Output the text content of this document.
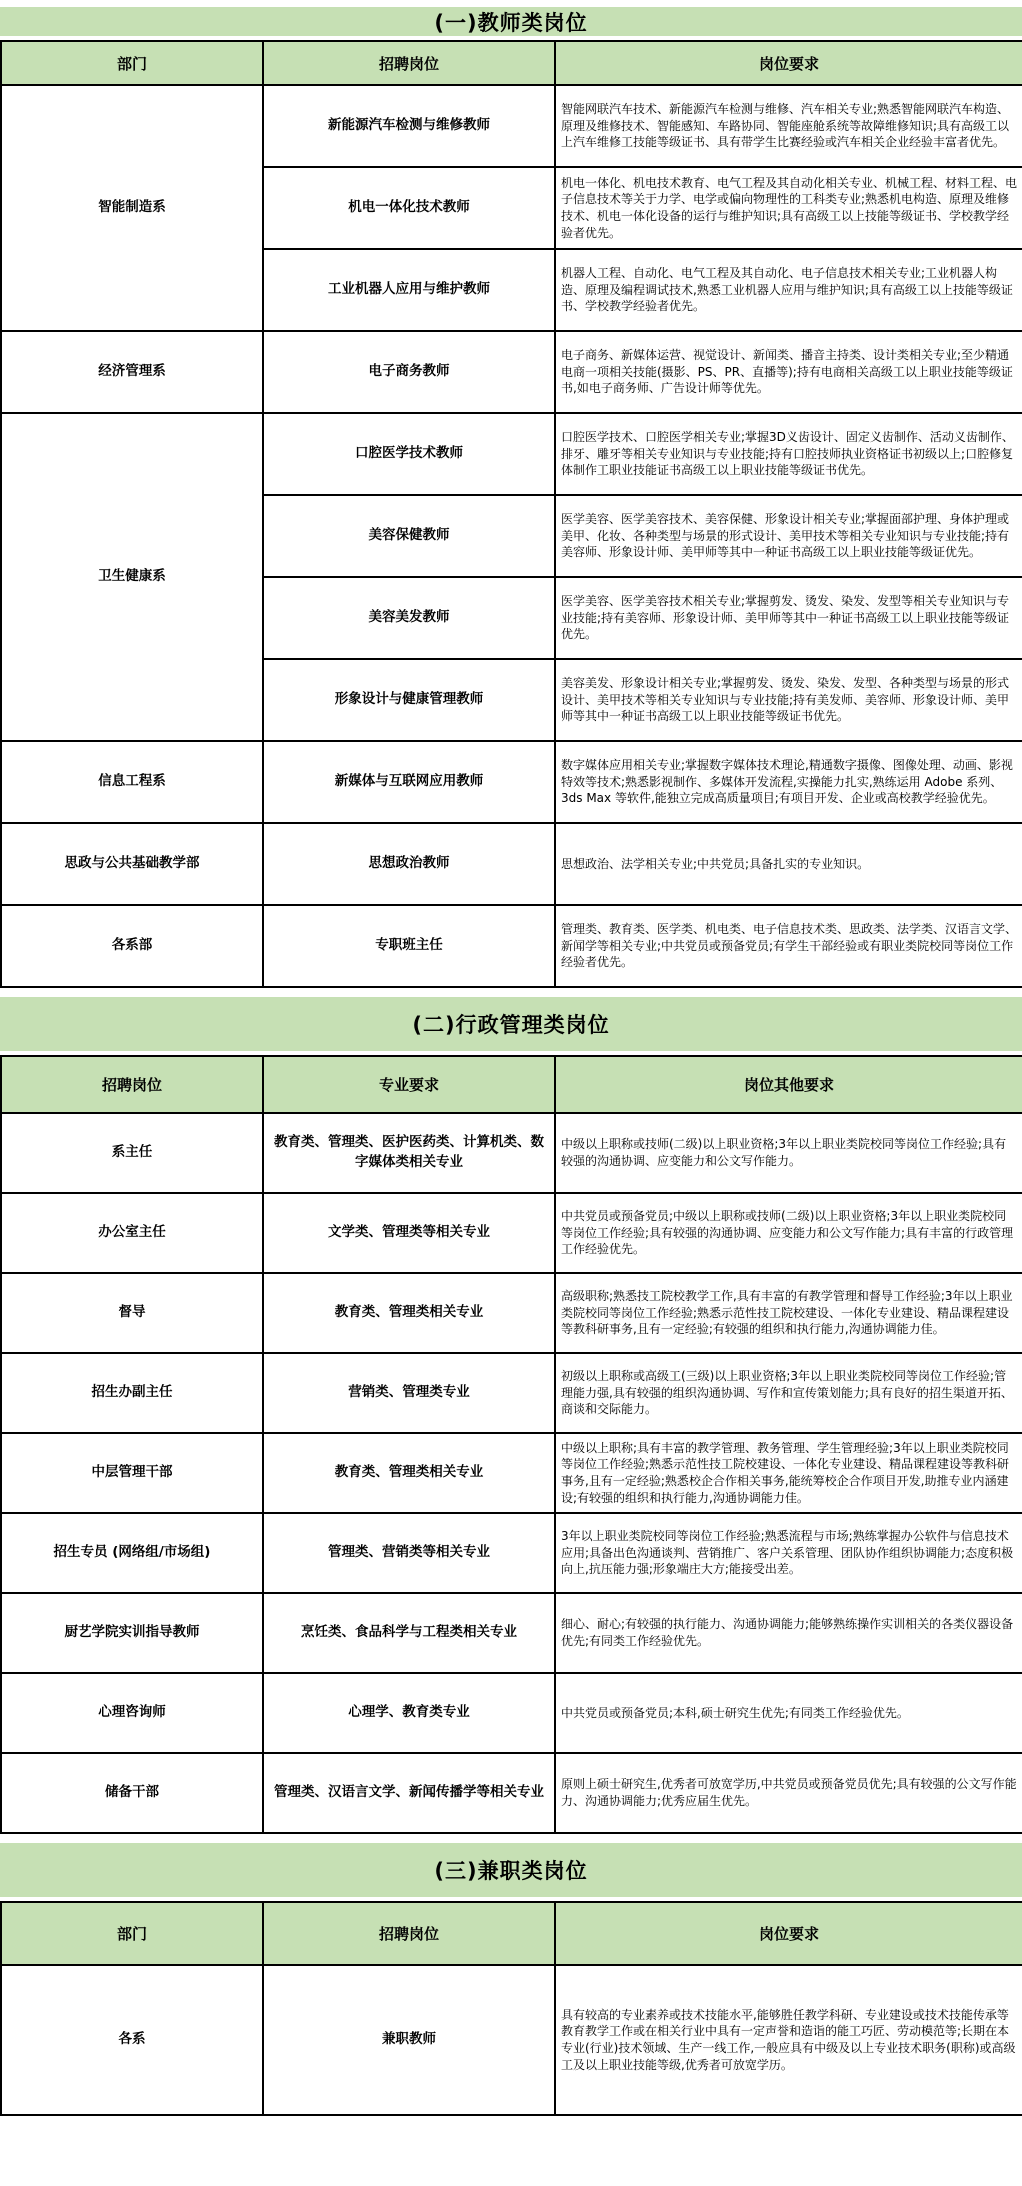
(一)教师类岗位
部门	招聘岗位	岗位要求
智能制造系	新能源汽车检测与维修教师	智能网联汽车技术、新能源汽车检测与维修、汽车相关专业;熟悉智能网联汽车构造、原理及维修技术、智能感知、车路协同、智能座舱系统等故障维修知识;具有高级工以上汽车维修工技能等级证书、具有带学生比赛经验或汽车相关企业经验丰富者优先。
	机电一体化技术教师	机电一体化、机电技术教育、电气工程及其自动化相关专业、机械工程、材料工程、电子信息技术等关于力学、电学或偏向物理性的工科类专业;熟悉机电构造、原理及维修技术、机电一体化设备的运行与维护知识;具有高级工以上技能等级证书、学校教学经验者优先。
	工业机器人应用与维护教师	机器人工程、自动化、电气工程及其自动化、电子信息技术相关专业;工业机器人构造、原理及编程调试技术,熟悉工业机器人应用与维护知识;具有高级工以上技能等级证书、学校教学经验者优先。
经济管理系	电子商务教师	电子商务、新媒体运营、视觉设计、新闻类、播音主持类、设计类相关专业;至少精通电商一项相关技能(摄影、PS、PR、直播等);持有电商相关高级工以上职业技能等级证书,如电子商务师、广告设计师等优先。
卫生健康系	口腔医学技术教师	口腔医学技术、口腔医学相关专业;掌握3D义齿设计、固定义齿制作、活动义齿制作、排牙、雕牙等相关专业知识与专业技能;持有口腔技师执业资格证书初级以上;口腔修复体制作工职业技能证书高级工以上职业技能等级证书优先。
	美容保健教师	医学美容、医学美容技术、美容保健、形象设计相关专业;掌握面部护理、身体护理或美甲、化妆、各种类型与场景的形式设计、美甲技术等相关专业知识与专业技能;持有美容师、形象设计师、美甲师等其中一种证书高级工以上职业技能等级证优先。
	美容美发教师	医学美容、医学美容技术相关专业;掌握剪发、烫发、染发、发型等相关专业知识与专业技能;持有美容师、形象设计师、美甲师等其中一种证书高级工以上职业技能等级证优先。
	形象设计与健康管理教师	美容美发、形象设计相关专业;掌握剪发、烫发、染发、发型、各种类型与场景的形式设计、美甲技术等相关专业知识与专业技能;持有美发师、美容师、形象设计师、美甲师等其中一种证书高级工以上职业技能等级证书优先。
信息工程系	新媒体与互联网应用教师	数字媒体应用相关专业;掌握数字媒体技术理论,精通数字摄像、图像处理、动画、影视特效等技术;熟悉影视制作、多媒体开发流程,实操能力扎实,熟练运用 Adobe 系列、3ds Max 等软件,能独立完成高质量项目;有项目开发、企业或高校教学经验优先。
思政与公共基础教学部	思想政治教师	思想政治、法学相关专业;中共党员;具备扎实的专业知识。
各系部	专职班主任	管理类、教育类、医学类、机电类、电子信息技术类、思政类、法学类、汉语言文学、新闻学等相关专业;中共党员或预备党员;有学生干部经验或有职业类院校同等岗位工作经验者优先。
(二)行政管理类岗位
招聘岗位	专业要求	岗位其他要求
系主任	教育类、管理类、医护医药类、计算机类、数字媒体类相关专业	中级以上职称或技师(二级)以上职业资格;3年以上职业类院校同等岗位工作经验;具有较强的沟通协调、应变能力和公文写作能力。
办公室主任	文学类、管理类等相关专业	中共党员或预备党员;中级以上职称或技师(二级)以上职业资格;3年以上职业类院校同等岗位工作经验;具有较强的沟通协调、应变能力和公文写作能力;具有丰富的行政管理工作经验优先。
督导	教育类、管理类相关专业	高级职称;熟悉技工院校教学工作,具有丰富的有教学管理和督导工作经验;3年以上职业类院校同等岗位工作经验;熟悉示范性技工院校建设、一体化专业建设、精品课程建设等教科研事务,且有一定经验;有较强的组织和执行能力,沟通协调能力佳。
招生办副主任	营销类、管理类专业	初级以上职称或高级工(三级)以上职业资格;3年以上职业类院校同等岗位工作经验;管理能力强,具有较强的组织沟通协调、写作和宣传策划能力;具有良好的招生渠道开拓、商谈和交际能力。
中层管理干部	教育类、管理类相关专业	中级以上职称;具有丰富的教学管理、教务管理、学生管理经验;3年以上职业类院校同等岗位工作经验;熟悉示范性技工院校建设、一体化专业建设、精品课程建设等教科研事务,且有一定经验;熟悉校企合作相关事务,能统筹校企合作项目开发,助推专业内涵建设;有较强的组织和执行能力,沟通协调能力佳。
招生专员 (网络组/市场组)	管理类、营销类等相关专业	3年以上职业类院校同等岗位工作经验;熟悉流程与市场;熟练掌握办公软件与信息技术应用;具备出色沟通谈判、营销推广、客户关系管理、团队协作组织协调能力;态度积极向上,抗压能力强;形象端庄大方;能接受出差。
厨艺学院实训指导教师	烹饪类、食品科学与工程类相关专业	细心、耐心;有较强的执行能力、沟通协调能力;能够熟练操作实训相关的各类仪器设备优先;有同类工作经验优先。
心理咨询师	心理学、教育类专业	中共党员或预备党员;本科,硕士研究生优先;有同类工作经验优先。
储备干部	管理类、汉语言文学、新闻传播学等相关专业	原则上硕士研究生,优秀者可放宽学历,中共党员或预备党员优先;具有较强的公文写作能力、沟通协调能力;优秀应届生优先。
(三)兼职类岗位
部门	招聘岗位	岗位要求
各系	兼职教师	具有较高的专业素养或技术技能水平,能够胜任教学科研、专业建设或技术技能传承等教育教学工作或在相关行业中具有一定声誉和造诣的能工巧匠、劳动模范等;长期在本专业(行业)技术领域、生产一线工作,一般应具有中级及以上专业技术职务(职称)或高级工及以上职业技能等级,优秀者可放宽学历。
